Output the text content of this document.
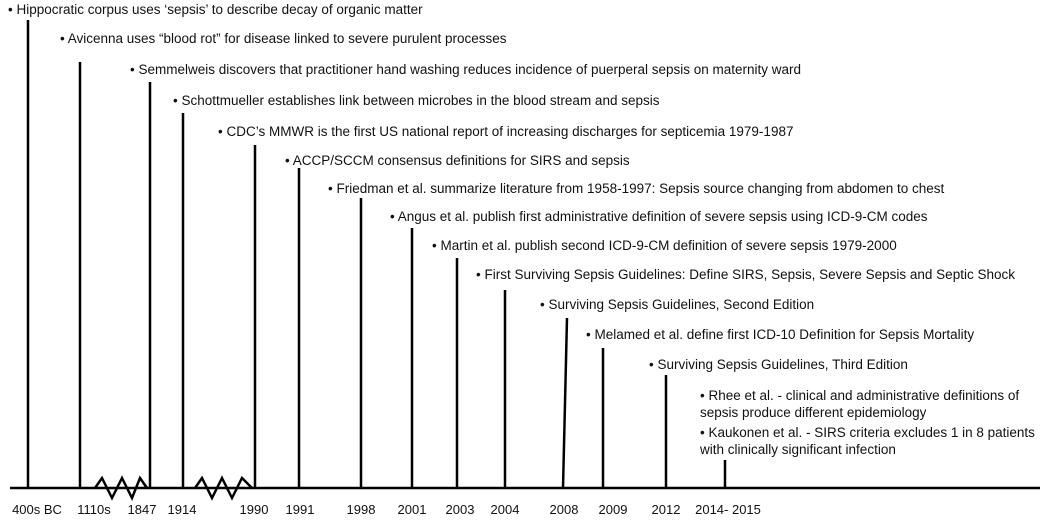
• Hippocratic corpus uses ‘sepsis’ to describe decay of organic matter
• Avicenna uses “blood rot” for disease linked to severe purulent processes
• Semmelweis discovers that practitioner hand washing reduces incidence of puerperal sepsis on maternity ward
• Schottmueller establishes link between microbes in the blood stream and sepsis
• CDC’s MMWR is the first US national report of increasing discharges for septicemia 1979-1987
• ACCP/SCCM consensus definitions for SIRS and sepsis
• Friedman et al. summarize literature from 1958-1997: Sepsis source changing from abdomen to chest
• Angus et al. publish first administrative definition of severe sepsis using ICD-9-CM codes
• Martin et al. publish second ICD-9-CM definition of severe sepsis 1979-2000
• First Surviving Sepsis Guidelines: Define SIRS, Sepsis, Severe Sepsis and Septic Shock
• Surviving Sepsis Guidelines, Second Edition
• Melamed et al. define first ICD-10 Definition for Sepsis Mortality
• Surviving Sepsis Guidelines, Third Edition
• Rhee et al. - clinical and administrative definitions of
sepsis produce different epidemiology
• Kaukonen et al. - SIRS criteria excludes 1 in 8 patients
with clinically significant infection
400s BC 1110s 1847 1914	1990 1991 1998 2001 2003 2004 2008 2009 2012 2014- 2015
